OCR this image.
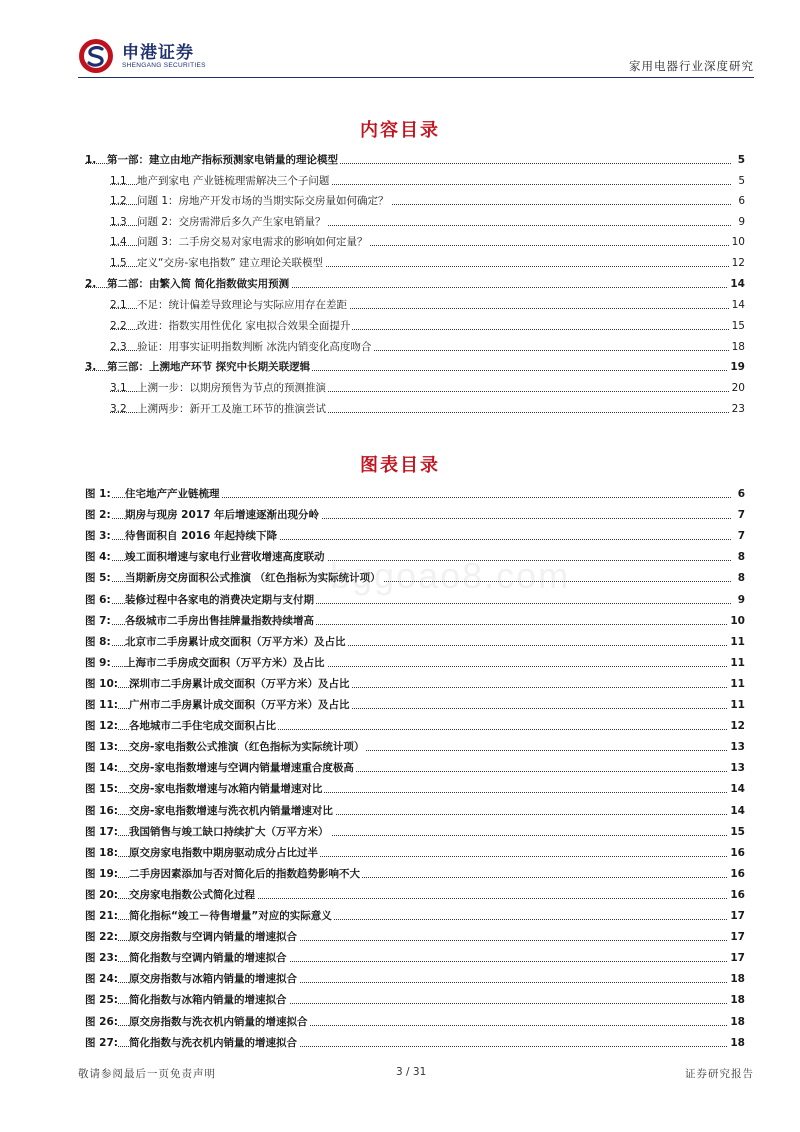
申港证券
SHENGANG SECURITIES	家用电器行业深度研究
内容目录
1. 第一部：建立由地产指标预测家电销量的理论模型	5
1.1 地产到家电 产业链梳理需解决三个子问题	5
1.2 问题 1：房地产开发市场的当期实际交房量如何确定？	6
1.3 问题 2：交房需滞后多久产生家电销量？	9
1.4 问题 3：二手房交易对家电需求的影响如何定量？	10
1.5 定义“交房-家电指数” 建立理论关联模型	12
2. 第二部：由繁入简 简化指数做实用预测	14
2.1 不足：统计偏差导致理论与实际应用存在差距	14
2.2 改进：指数实用性优化 家电拟合效果全面提升	15
2.3 验证：用事实证明指数判断 冰洗内销变化高度吻合	18
3. 第三部：上溯地产环节 探究中长期关联逻辑	19
3.1 上溯一步：以期房预售为节点的预测推演	20
3.2 上溯两步：新开工及施工环节的推演尝试	23
图表目录
图 1: 住宅地产产业链梳理	6
图 2: 期房与现房 2017 年后增速逐渐出现分岭	7
图 3: 待售面积自 2016 年起持续下降	7
图 4: 竣工面积增速与家电行业营收增速高度联动	8
图 5: 当期新房交房面积公式推演 （红色指标为实际统计项）	8
图 6: 装修过程中各家电的消费决定期与支付期	9
图 7: 各级城市二手房出售挂牌量指数持续增高	10
图 8: 北京市二手房累计成交面积（万平方米）及占比	11
图 9: 上海市二手房成交面积（万平方米）及占比	11
图 10: 深圳市二手房累计成交面积（万平方米）及占比	11
图 11: 广州市二手房累计成交面积（万平方米）及占比	11
图 12: 各地城市二手住宅成交面积占比	12
图 13: 交房-家电指数公式推演（红色指标为实际统计项）	13
图 14: 交房-家电指数增速与空调内销量增速重合度极高	13
图 15: 交房-家电指数增速与冰箱内销量增速对比	14
图 16: 交房-家电指数增速与洗衣机内销量增速对比	14
图 17: 我国销售与竣工缺口持续扩大（万平方米）	15
图 18: 原交房家电指数中期房驱动成分占比过半	16
图 19: 二手房因素添加与否对简化后的指数趋势影响不大	16
图 20: 交房家电指数公式简化过程	16
图 21: 简化指标“竣工－待售增量”对应的实际意义	17
图 22: 原交房指数与空调内销量的增速拟合	17
图 23: 简化指数与空调内销量的增速拟合	17
图 24: 原交房指数与冰箱内销量的增速拟合	18
图 25: 简化指数与冰箱内销量的增速拟合	18
图 26: 原交房指数与洗衣机内销量的增速拟合	18
图 27: 简化指数与洗衣机内销量的增速拟合	18
bggoao8.com
敬请参阅最后一页免责声明	3 / 31	证券研究报告
